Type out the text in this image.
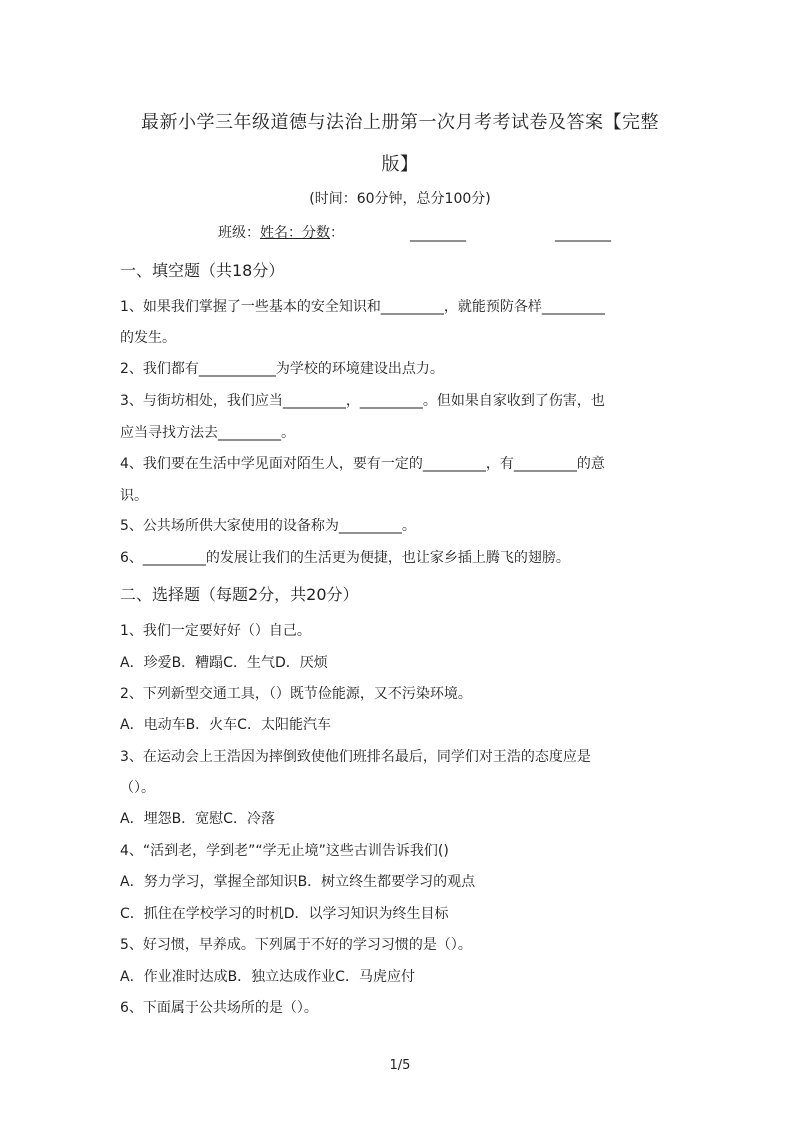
最新小学三年级道德与法治上册第一次月考考试卷及答案【完整
版】
(时间：60分钟，总分100分)
班级：姓名：分数：	________	________
一、填空题（共18分）
1、如果我们掌握了一些基本的安全知识和_________，就能预防各样_________
的发生。
2、我们都有___________为学校的环境建设出点力。
3、与街坊相处，我们应当_________，_________。但如果自家收到了伤害，也
应当寻找方法去_________。
4、我们要在生活中学见面对陌生人，要有一定的_________，有_________的意
识。
5、公共场所供大家使用的设备称为_________。
6、_________的发展让我们的生活更为便捷，也让家乡插上腾飞的翅膀。
二、选择题（每题2分，共20分）
1、我们一定要好好（）自己。
A．珍爱B．糟蹋C．生气D．厌烦
2、下列新型交通工具，（）既节俭能源，又不污染环境。
A．电动车B．火车C．太阳能汽车
3、在运动会上王浩因为摔倒致使他们班排名最后，同学们对王浩的态度应是
（）。
A．埋怨B．宽慰C．冷落
4、“活到老，学到老”“学无止境”这些古训告诉我们()
A．努力学习，掌握全部知识B．树立终生都要学习的观点
C．抓住在学校学习的时机D．以学习知识为终生目标
5、好习惯，早养成。下列属于不好的学习习惯的是（）。
A．作业准时达成B．独立达成作业C．马虎应付
6、下面属于公共场所的是（）。
1/5
